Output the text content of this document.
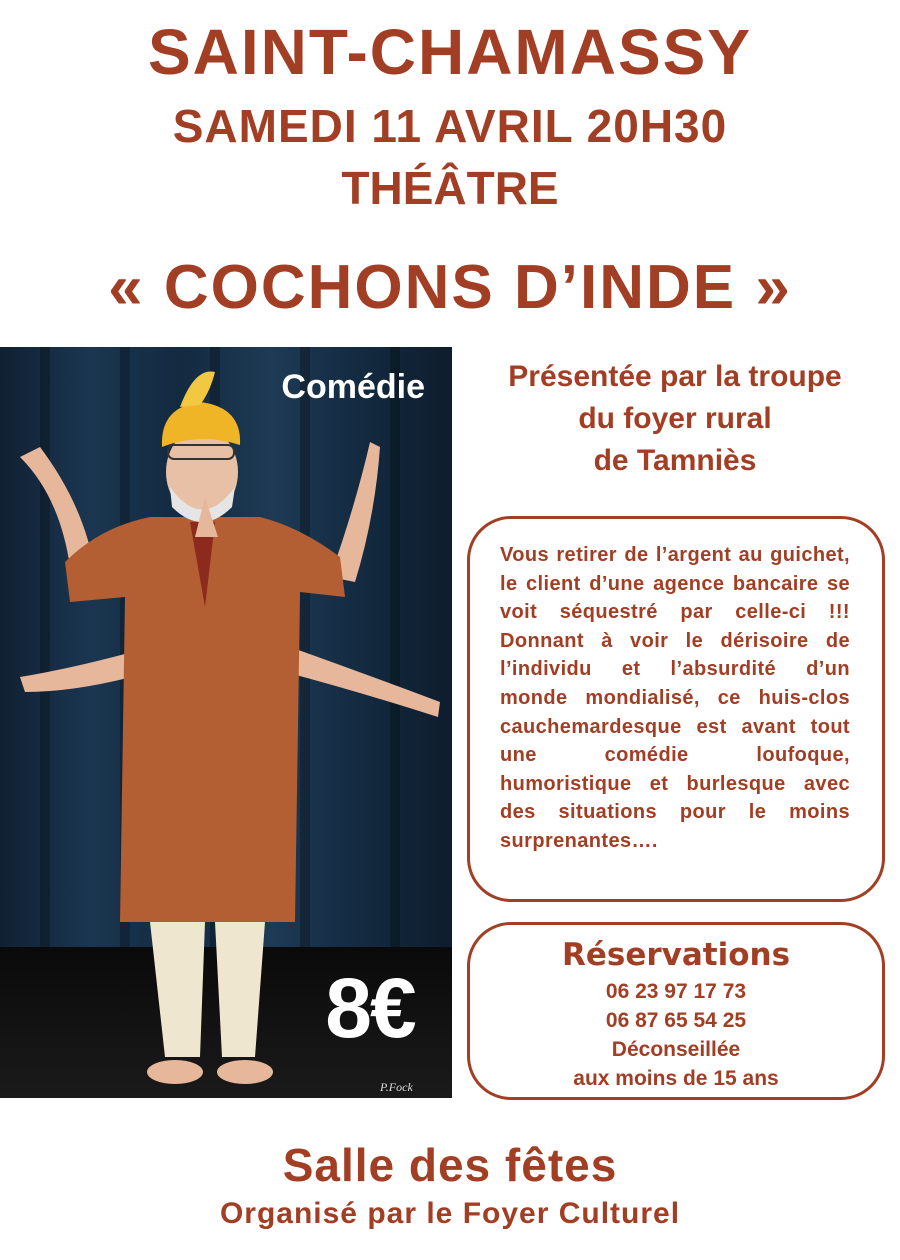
SAINT-CHAMASSY
SAMEDI 11 AVRIL 20H30
THÉÂTRE
« COCHONS D’INDE »
Comédie
8€
P.Fock
Présentée par la troupe
du foyer rural
de Tamniès
Vous retirer de l’argent au guichet, le client d’une agence bancaire se voit séquestré par celle-ci !!! Donnant à voir le dérisoire de l’individu et l’absurdité d’un monde mondialisé, ce huis-clos cauchemardesque est avant tout une comédie loufoque, humoristique et burlesque avec des situations pour le moins surprenantes….
Réservations
06 23 97 17 73
06 87 65 54 25
Déconseillée
aux moins de 15 ans
Salle des fêtes
Organisé par le Foyer Culturel
